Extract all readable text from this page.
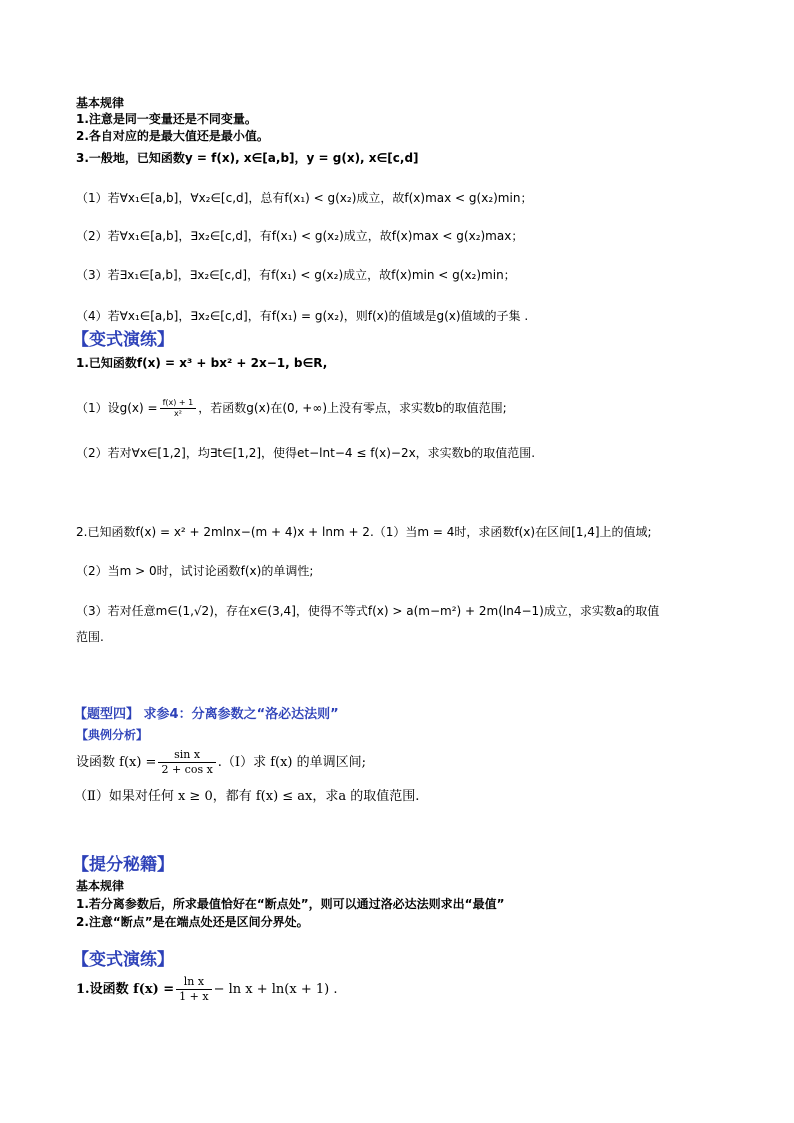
基本规律
1.注意是同一变量还是不同变量。
2.各自对应的是最大值还是最小值。
3.一般地，已知函数y = f(x), x∈[a,b]，y = g(x), x∈[c,d]
（1）若∀x₁∈[a,b]，∀x₂∈[c,d]，总有f(x₁) < g(x₂)成立，故f(x)max < g(x₂)min；
（2）若∀x₁∈[a,b]，∃x₂∈[c,d]，有f(x₁) < g(x₂)成立，故f(x)max < g(x₂)max；
（3）若∃x₁∈[a,b]，∃x₂∈[c,d]，有f(x₁) < g(x₂)成立，故f(x)min < g(x₂)min；
（4）若∀x₁∈[a,b]，∃x₂∈[c,d]，有f(x₁) = g(x₂)，则f(x)的值域是g(x)值域的子集 .
【变式演练】
1.已知函数f(x) = x³ + bx² + 2x−1, b∈R,
（1）设$g(x) = \frac{f(x) + 1}{\text{x²}}$ ，若函数g(x)在(0, +∞)上没有零点，求实数b的取值范围;
（2）若对∀x∈[1,2]，均∃t∈[1,2]，使得et−lnt−4 ≤ f(x)−2x，求实数b的取值范围.
2.已知函数f(x) = x² + 2mlnx−(m + 4)x + lnm + 2.（1）当m = 4时，求函数f(x)在区间[1,4]上的值域;
（2）当m > 0时，试讨论函数f(x)的单调性;
（3）若对任意m∈(1,√2)，存在x∈(3,4]，使得不等式f(x) > a(m−m²) + 2m(ln4−1)成立，求实数a的取值
范围.
【题型四】 求参4：分离参数之“洛必达法则”
【典例分析】
设函数 $f(x) = \frac{\text{sin x}}{\text{2 + cos x}}$ .（Ⅰ）求 f(x) 的单调区间;
（Ⅱ）如果对任何 x ≥ 0，都有 f(x) ≤ ax，求a 的取值范围.
【提分秘籍】
基本规律
1.若分离参数后，所求最值恰好在“断点处”，则可以通过洛必达法则求出“最值”
2.注意“断点”是在端点处还是区间分界处。
【变式演练】
1.设函数 $f(x) = \frac{\text{ln x}}{1 + x} - \ln x + \ln(x + 1)$ .
